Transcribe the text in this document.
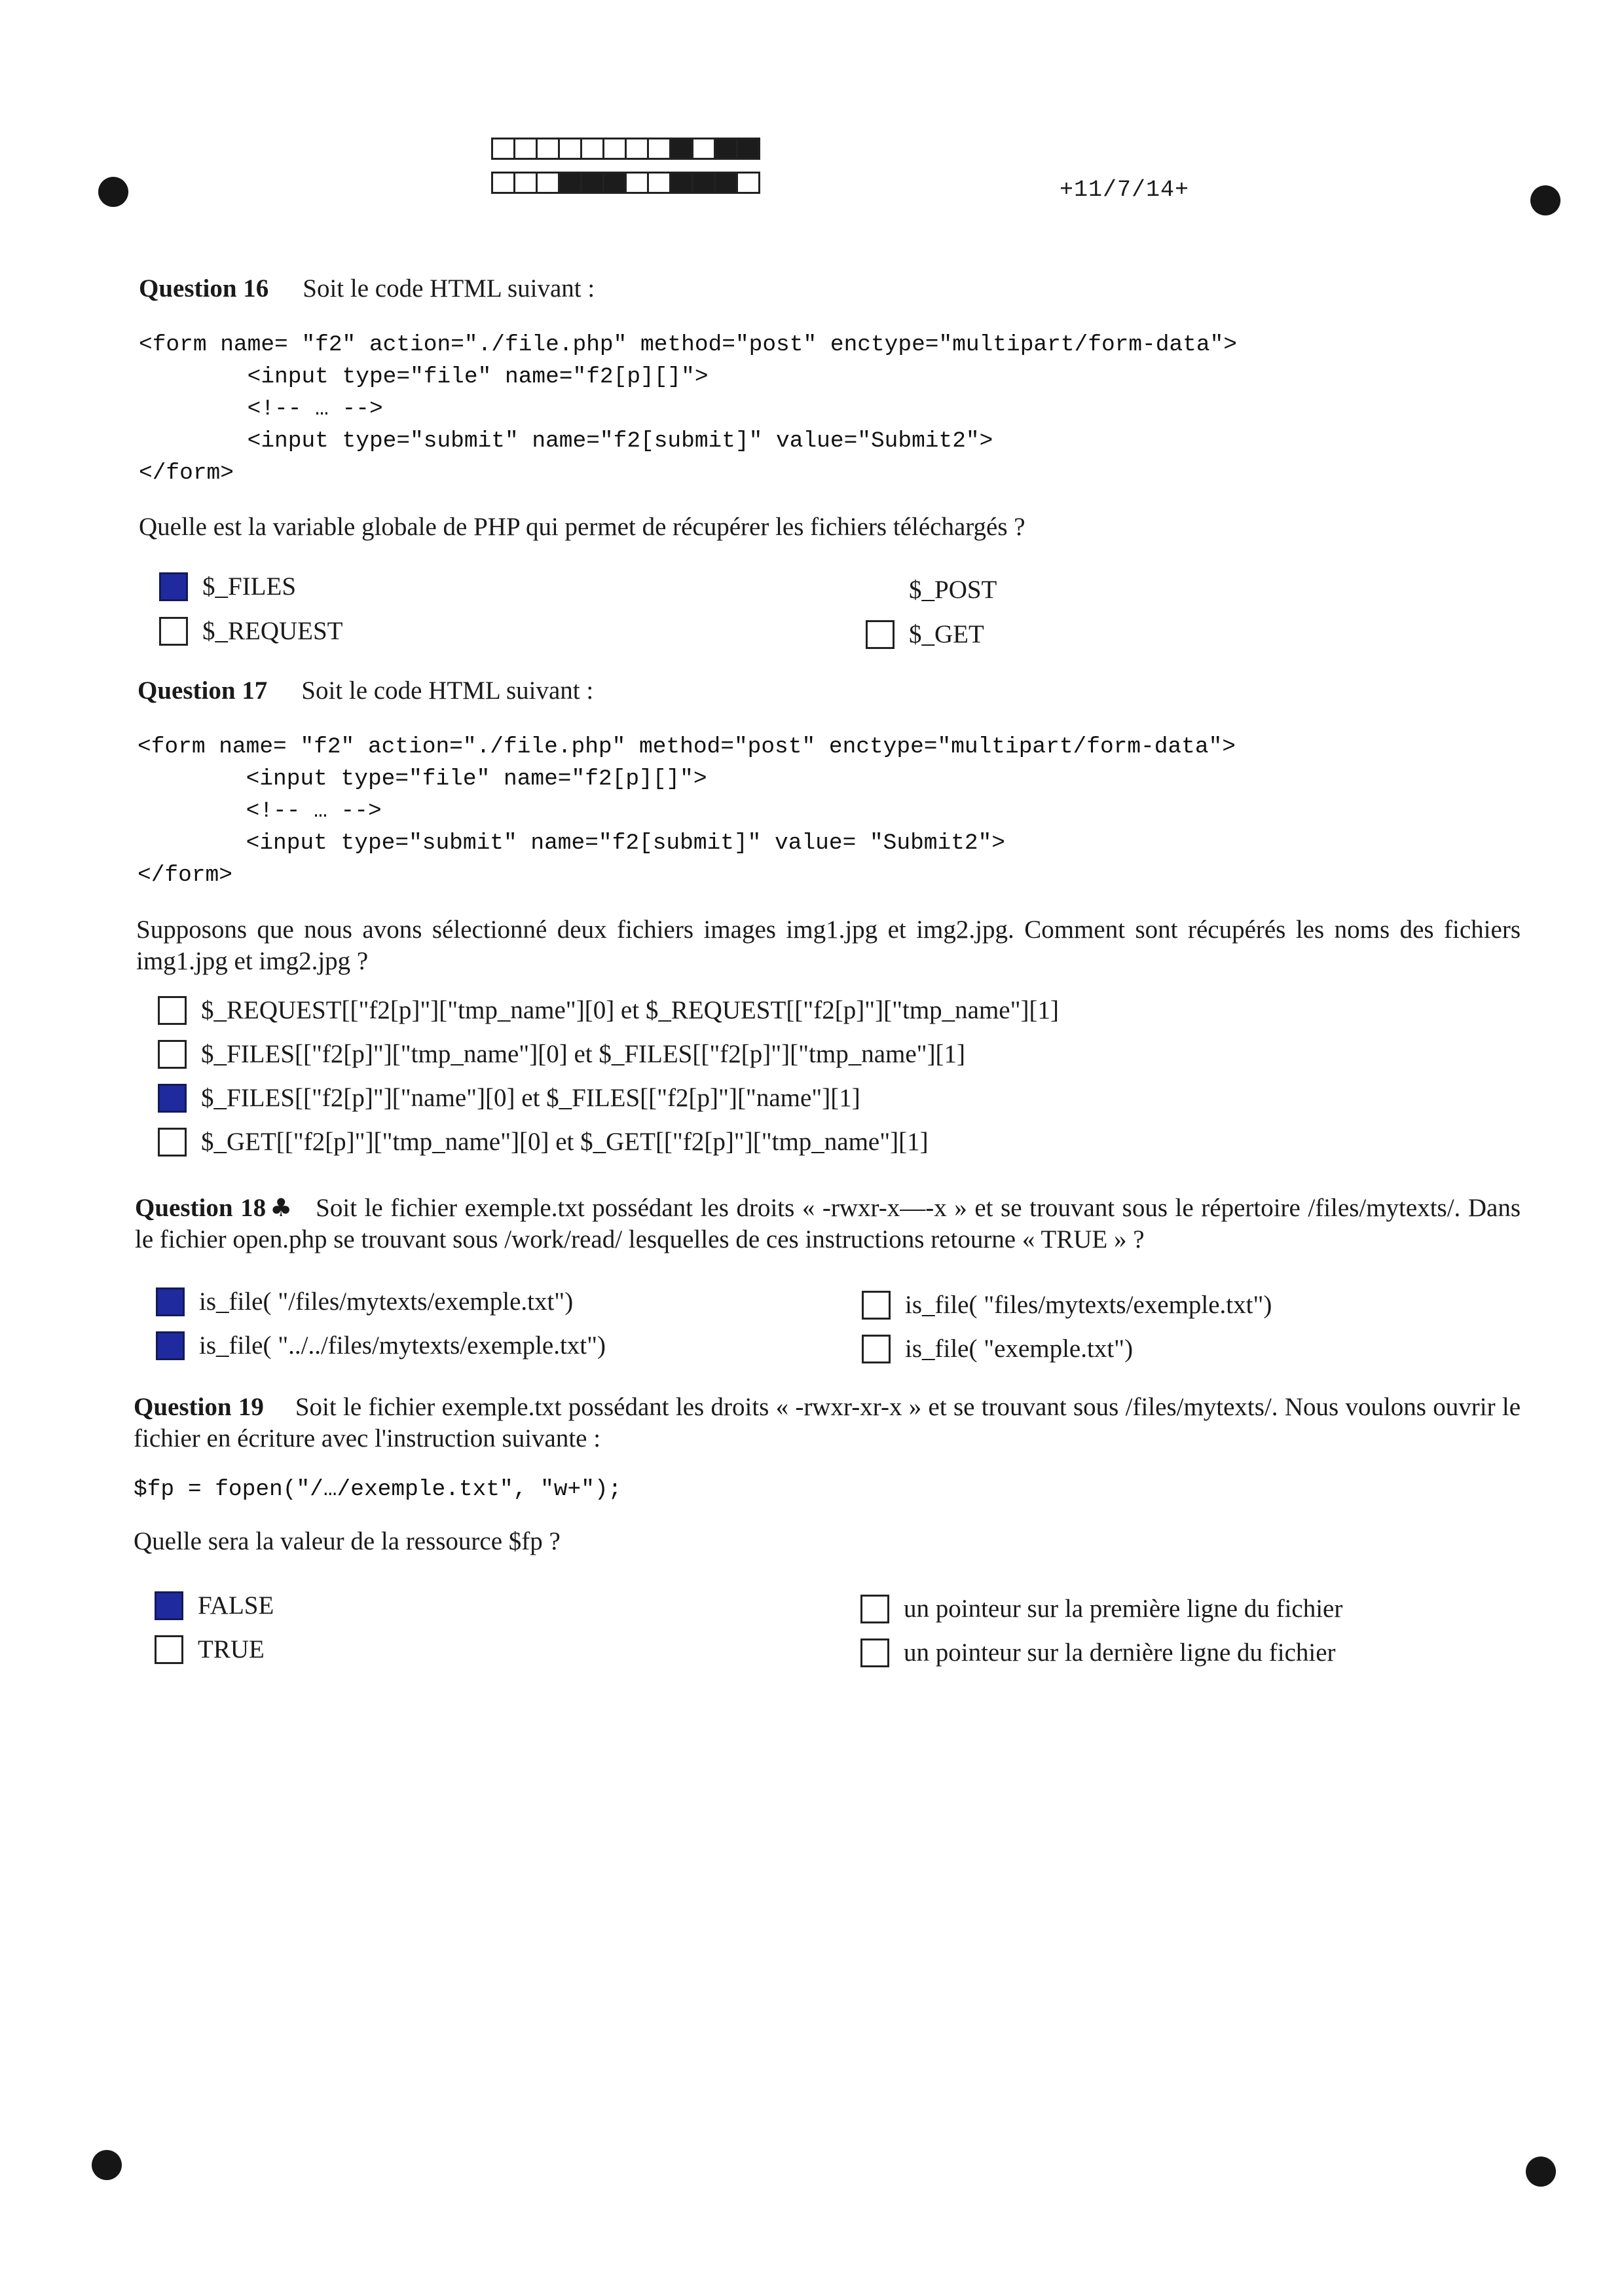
+11/7/14+
Question 16 Soit le code HTML suivant :
<form name= "f2" action="./file.php" method="post" enctype="multipart/form-data">
<input type="file" name="f2[p][]">
<!-- … -->
<input type="submit" name="f2[submit]" value="Submit2">
</form>
Quelle est la variable globale de PHP qui permet de récupérer les fichiers téléchargés ?
$_FILES
$_REQUEST
$_POST
$_GET
Question 17 Soit le code HTML suivant :
<form name= "f2" action="./file.php" method="post" enctype="multipart/form-data">
<input type="file" name="f2[p][]">
<!-- … -->
<input type="submit" name="f2[submit]" value= "Submit2">
</form>
Supposons que nous avons sélectionné deux fichiers images img1.jpg et img2.jpg. Comment sont récupérés les noms des fichiers img1.jpg et img2.jpg ?
$_REQUEST[["f2[p]"]["tmp_name"][0] et $_REQUEST[["f2[p]"]["tmp_name"][1]
$_FILES[["f2[p]"]["tmp_name"][0] et $_FILES[["f2[p]"]["tmp_name"][1]
$_FILES[["f2[p]"]["name"][0] et $_FILES[["f2[p]"]["name"][1]
$_GET[["f2[p]"]["tmp_name"][0] et $_GET[["f2[p]"]["tmp_name"][1]
Question 18 ♣ Soit le fichier exemple.txt possédant les droits « -rwxr-x—-x » et se trouvant sous le répertoire /files/mytexts/. Dans le fichier open.php se trouvant sous /work/read/ lesquelles de ces instructions retourne « TRUE » ?
is_file( "/files/mytexts/exemple.txt")
is_file( "../../files/mytexts/exemple.txt")
is_file( "files/mytexts/exemple.txt")
is_file( "exemple.txt")
Question 19 Soit le fichier exemple.txt possédant les droits « -rwxr-xr-x » et se trouvant sous /files/mytexts/. Nous voulons ouvrir le fichier en écriture avec l'instruction suivante :
$fp = fopen("/…/exemple.txt", "w+");
Quelle sera la valeur de la ressource $fp ?
FALSE
TRUE
un pointeur sur la première ligne du fichier
un pointeur sur la dernière ligne du fichier
